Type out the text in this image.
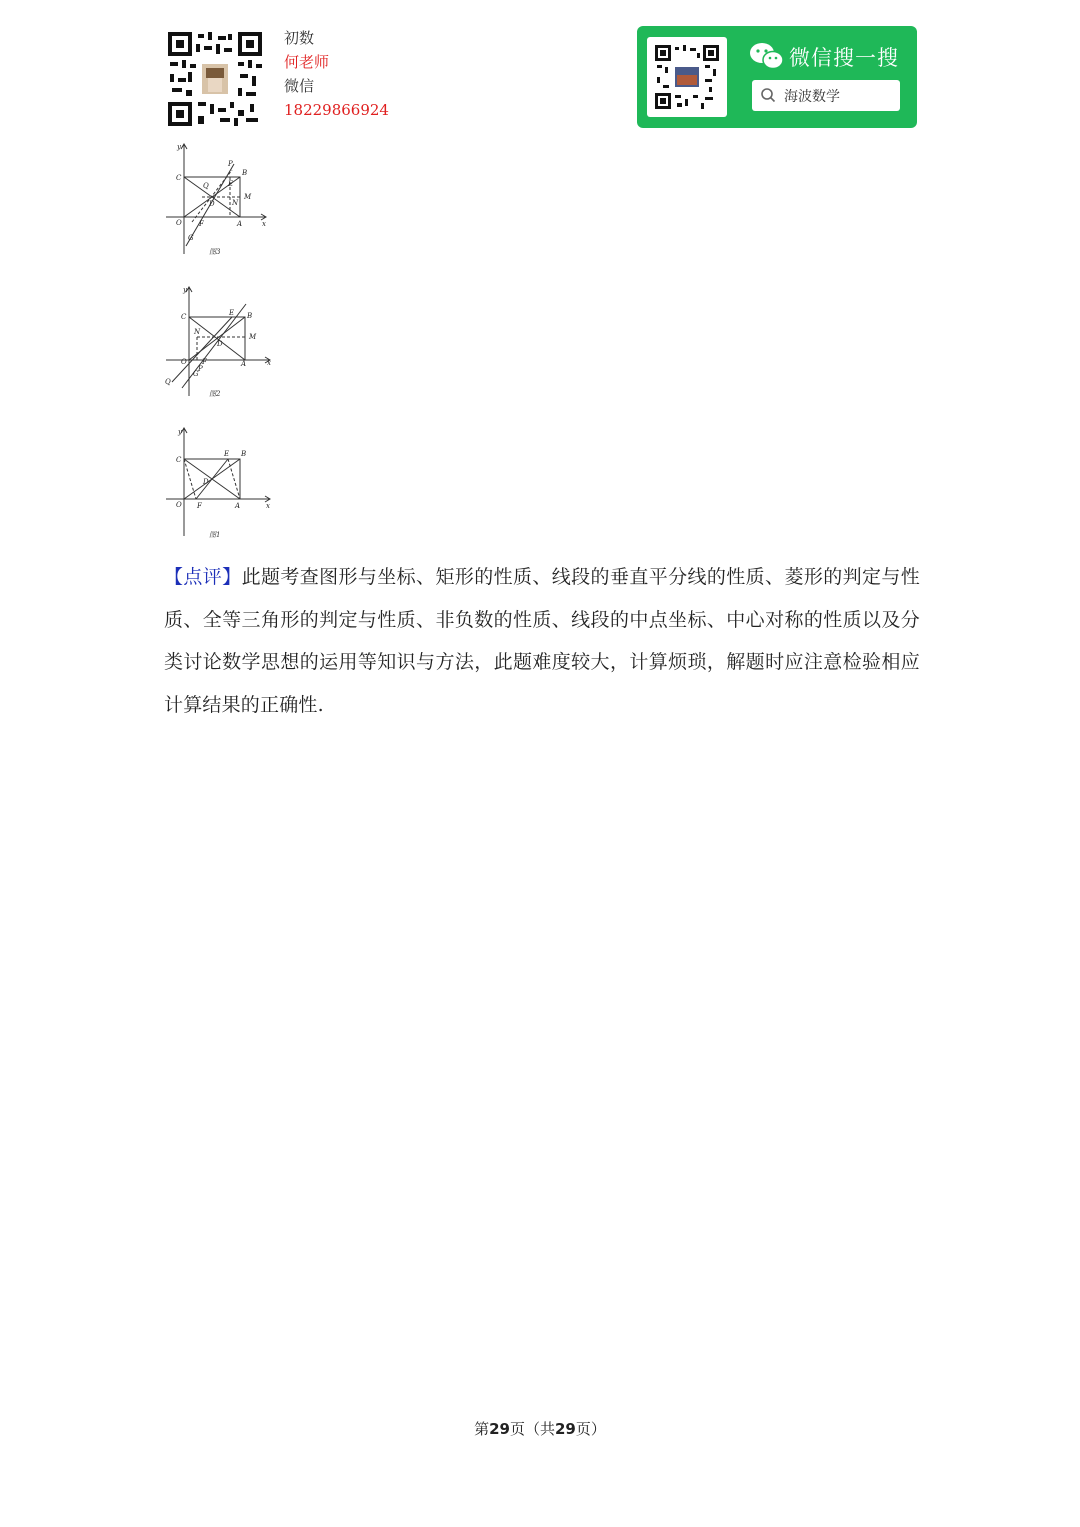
初数
何老师
微信
18229866924
微信搜一搜
海波数学
y
C
P
B
Q	E
D N
M
O F	A	x
G
图3
y
C	E B
N
M
D
O F
P
A	x
Q
G
图2
y
C
E B
D
O F	A	x
图1
【点评】此题考查图形与坐标、矩形的性质、线段的垂直平分线的性质、菱形的判定与性质、全等三角形的判定与性质、非负数的性质、线段的中点坐标、中心对称的性质以及分类讨论数学思想的运用等知识与方法，此题难度较大，计算烦琐，解题时应注意检验相应计算结果的正确性.
第29页（共29页）
